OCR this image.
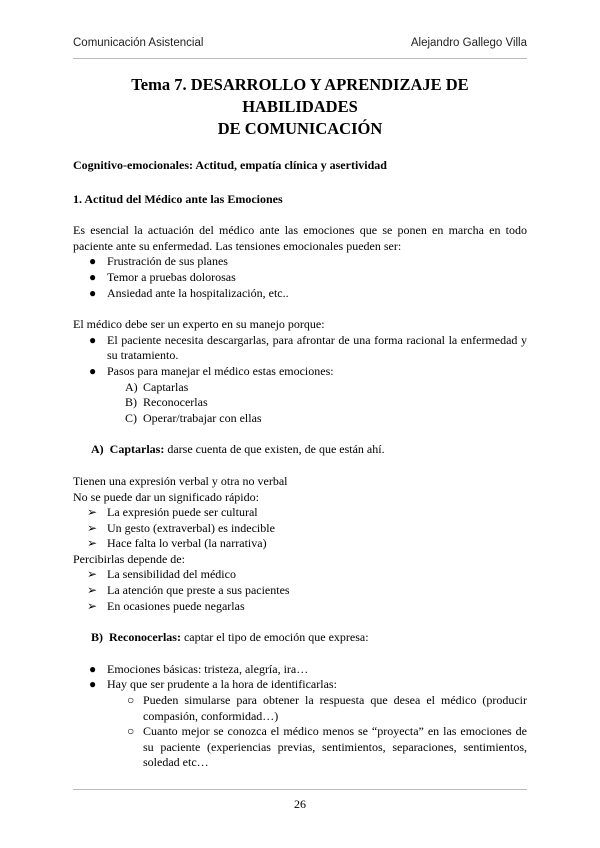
Comunicación Asistencial	Alejandro Gallego Villa
Tema 7. DESARROLLO Y APRENDIZAJE DE HABILIDADES
DE COMUNICACIÓN

Cognitivo-emocionales: Actitud, empatía clínica y asertividad

1. Actitud del Médico ante las Emociones

Es esencial la actuación del médico ante las emociones que se ponen en marcha en todo paciente ante su enfermedad. Las tensiones emocionales pueden ser:

● Frustración de sus planes
● Temor a pruebas dolorosas
● Ansiedad ante la hospitalización, etc..

El médico debe ser un experto en su manejo porque:

● El paciente necesita descargarlas, para afrontar de una forma racional la enfermedad y su tratamiento.
● Pasos para manejar el médico estas emociones:
A) Captarlas
B) Reconocerlas
C) Operar/trabajar con ellas

A) Captarlas: darse cuenta de que existen, de que están ahí.

Tienen una expresión verbal y otra no verbal

No se puede dar un significado rápido:

➢ La expresión puede ser cultural
➢ Un gesto (extraverbal) es indecible
➢ Hace falta lo verbal (la narrativa)

Percibirlas depende de:

➢ La sensibilidad del médico
➢ La atención que preste a sus pacientes
➢ En ocasiones puede negarlas

B) Reconocerlas: captar el tipo de emoción que expresa:

● Emociones básicas: tristeza, alegría, ira…
● Hay que ser prudente a la hora de identificarlas:
○ Pueden simularse para obtener la respuesta que desea el médico (producir compasión, conformidad…)
○ Cuanto mejor se conozca el médico menos se “proyecta” en las emociones de su paciente (experiencias previas, sentimientos, separaciones, sentimientos, soledad etc…
26
